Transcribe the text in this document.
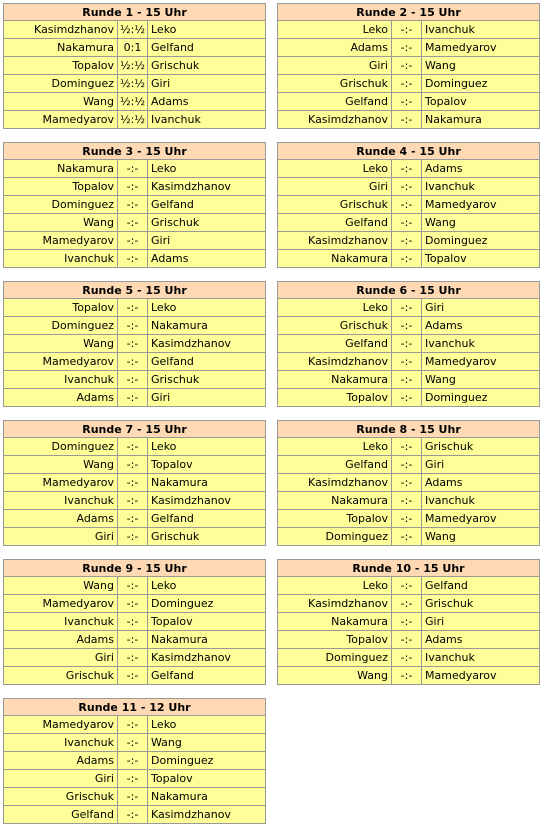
Runde 1 - 15 Uhr
Kasimdzhanov ½:½ Leko
Nakamura 0:1 Gelfand
Topalov ½:½ Grischuk
Dominguez ½:½ Giri
Wang ½:½ Adams
Mamedyarov ½:½ Ivanchuk
Runde 2 - 15 Uhr
Leko	-:-	Ivanchuk
Adams	-:-	Mamedyarov
Giri	-:-	Wang
Grischuk	-:-	Dominguez
Gelfand	-:-	Topalov
Kasimdzhanov	-:-	Nakamura
Runde 3 - 15 Uhr
Nakamura	-:-	Leko
Topalov	-:-	Kasimdzhanov
Dominguez	-:-	Gelfand
Wang	-:-	Grischuk
Mamedyarov	-:-	Giri
Ivanchuk	-:-	Adams
Runde 4 - 15 Uhr
Leko	-:-	Adams
Giri	-:-	Ivanchuk
Grischuk	-:-	Mamedyarov
Gelfand	-:-	Wang
Kasimdzhanov	-:-	Dominguez
Nakamura	-:-	Topalov
Runde 5 - 15 Uhr
Topalov	-:-	Leko
Dominguez	-:-	Nakamura
Wang	-:-	Kasimdzhanov
Mamedyarov	-:-	Gelfand
Ivanchuk	-:-	Grischuk
Adams	-:-	Giri
Runde 6 - 15 Uhr
Leko	-:-	Giri
Grischuk	-:-	Adams
Gelfand	-:-	Ivanchuk
Kasimdzhanov	-:-	Mamedyarov
Nakamura	-:-	Wang
Topalov	-:-	Dominguez
Runde 7 - 15 Uhr
Dominguez	-:-	Leko
Wang	-:-	Topalov
Mamedyarov	-:-	Nakamura
Ivanchuk	-:-	Kasimdzhanov
Adams	-:-	Gelfand
Giri	-:-	Grischuk
Runde 8 - 15 Uhr
Leko	-:-	Grischuk
Gelfand	-:-	Giri
Kasimdzhanov	-:-	Adams
Nakamura	-:-	Ivanchuk
Topalov	-:-	Mamedyarov
Dominguez	-:-	Wang
Runde 9 - 15 Uhr
Wang	-:-	Leko
Mamedyarov	-:-	Dominguez
Ivanchuk	-:-	Topalov
Adams	-:-	Nakamura
Giri	-:-	Kasimdzhanov
Grischuk	-:-	Gelfand
Runde 10 - 15 Uhr
Leko	-:-	Gelfand
Kasimdzhanov	-:-	Grischuk
Nakamura	-:-	Giri
Topalov	-:-	Adams
Dominguez	-:-	Ivanchuk
Wang	-:-	Mamedyarov
Runde 11 - 12 Uhr
Mamedyarov	-:-	Leko
Ivanchuk	-:-	Wang
Adams	-:-	Dominguez
Giri	-:-	Topalov
Grischuk	-:-	Nakamura
Gelfand	-:-	Kasimdzhanov
